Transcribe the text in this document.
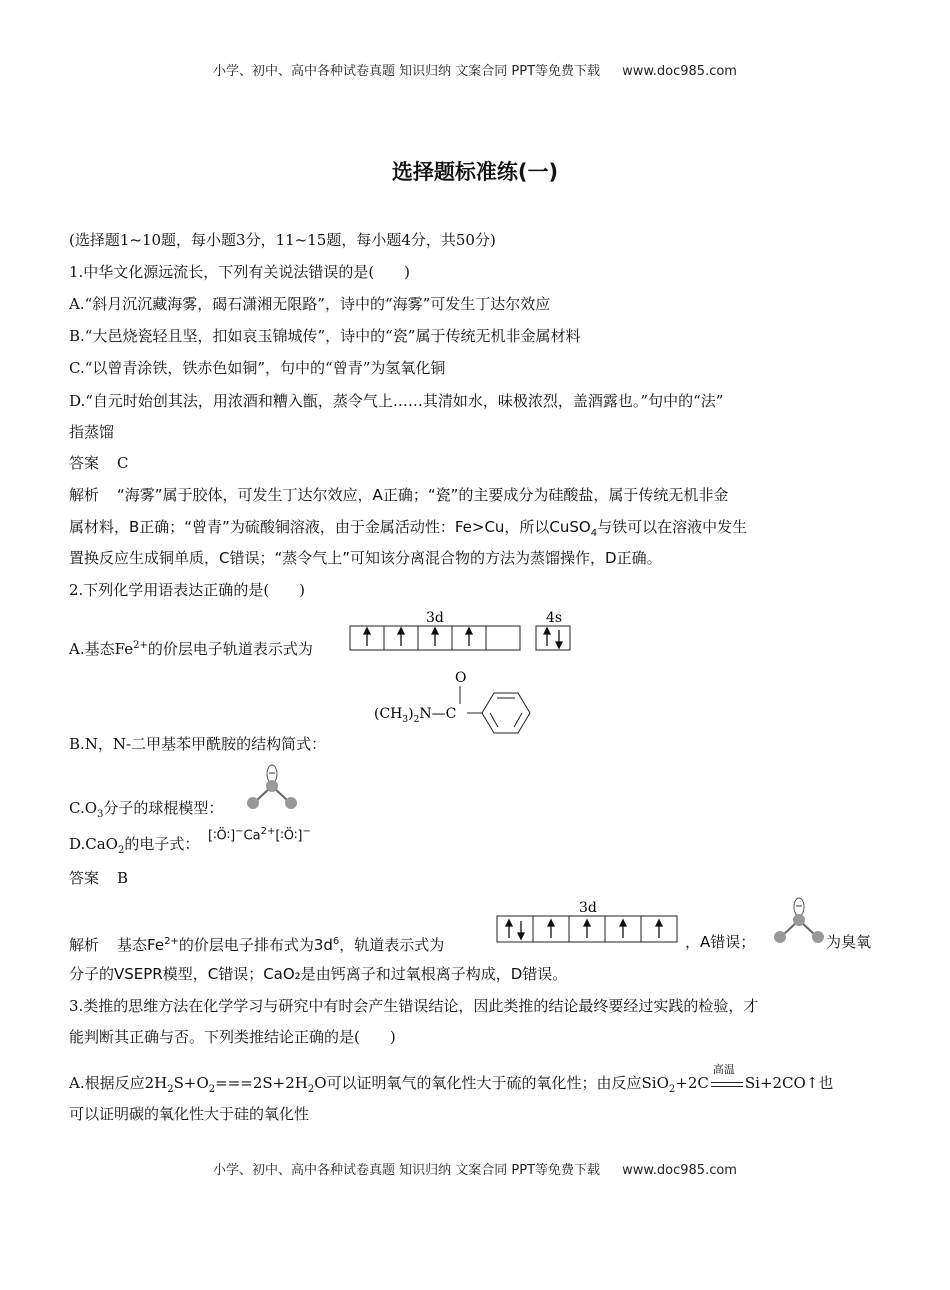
小学、初中、高中各种试卷真题 知识归纳 文案合同 PPT等免费下载 www.doc985.com
选择题标准练(一)
(选择题1~10题，每小题3分，11~15题，每小题4分，共50分)
1.中华文化源远流长，下列有关说法错误的是(　　)
A.“斜月沉沉藏海雾，碣石潇湘无限路”，诗中的“海雾”可发生丁达尔效应
B.“大邑烧瓷轻且坚，扣如哀玉锦城传”，诗中的“瓷”属于传统无机非金属材料
C.“以曾青涂铁，铁赤色如铜”，句中的“曾青”为氢氧化铜
D.“自元时始创其法，用浓酒和糟入甑，蒸令气上……其清如水，味极浓烈，盖酒露也。”句中的“法”
指蒸馏
答案 C
解析 “海雾”属于胶体，可发生丁达尔效应，A正确；“瓷”的主要成分为硅酸盐，属于传统无机非金
属材料，B正确；“曾青”为硫酸铜溶液，由于金属活动性：Fe>Cu，所以CuSO$_4$与铁可以在溶液中发生
置换反应生成铜单质，C错误；“蒸令气上”可知该分离混合物的方法为蒸馏操作，D正确。
2.下列化学用语表达正确的是(　　)
A.基态$Fe^{2+}$的价层电子轨道表示式为
3d	4s
O
$(CH_3)_2N—C$
B.N，N-二甲基苯甲酰胺的结构简式：
$C.O_3$分子的球棍模型：
D.CaO$_2$的电子式： $[∶Ö∶]^-Ca^{2+}[∶Ö∶]^-$
答案 B
解析 基态$Fe^{2+}$的价层电子排布式为$3d^6$，轨道表示式为
3d
，A错误；	为臭氧
分子的VSEPR模型，C错误；CaO₂是由钙离子和过氧根离子构成，D错误。
3.类推的思维方法在化学学习与研究中有时会产生错误结论，因此类推的结论最终要经过实践的检验，才
能判断其正确与否。下列类推结论正确的是(　　)
A.根据反应$2H_2S+O_2===2S+2H_2O$可以证明氧气的氧化性大于硫的氧化性；由反应SiO$_2$+2C
高温
Si+2CO↑也
可以证明碳的氧化性大于硅的氧化性
小学、初中、高中各种试卷真题 知识归纳 文案合同 PPT等免费下载 www.doc985.com
